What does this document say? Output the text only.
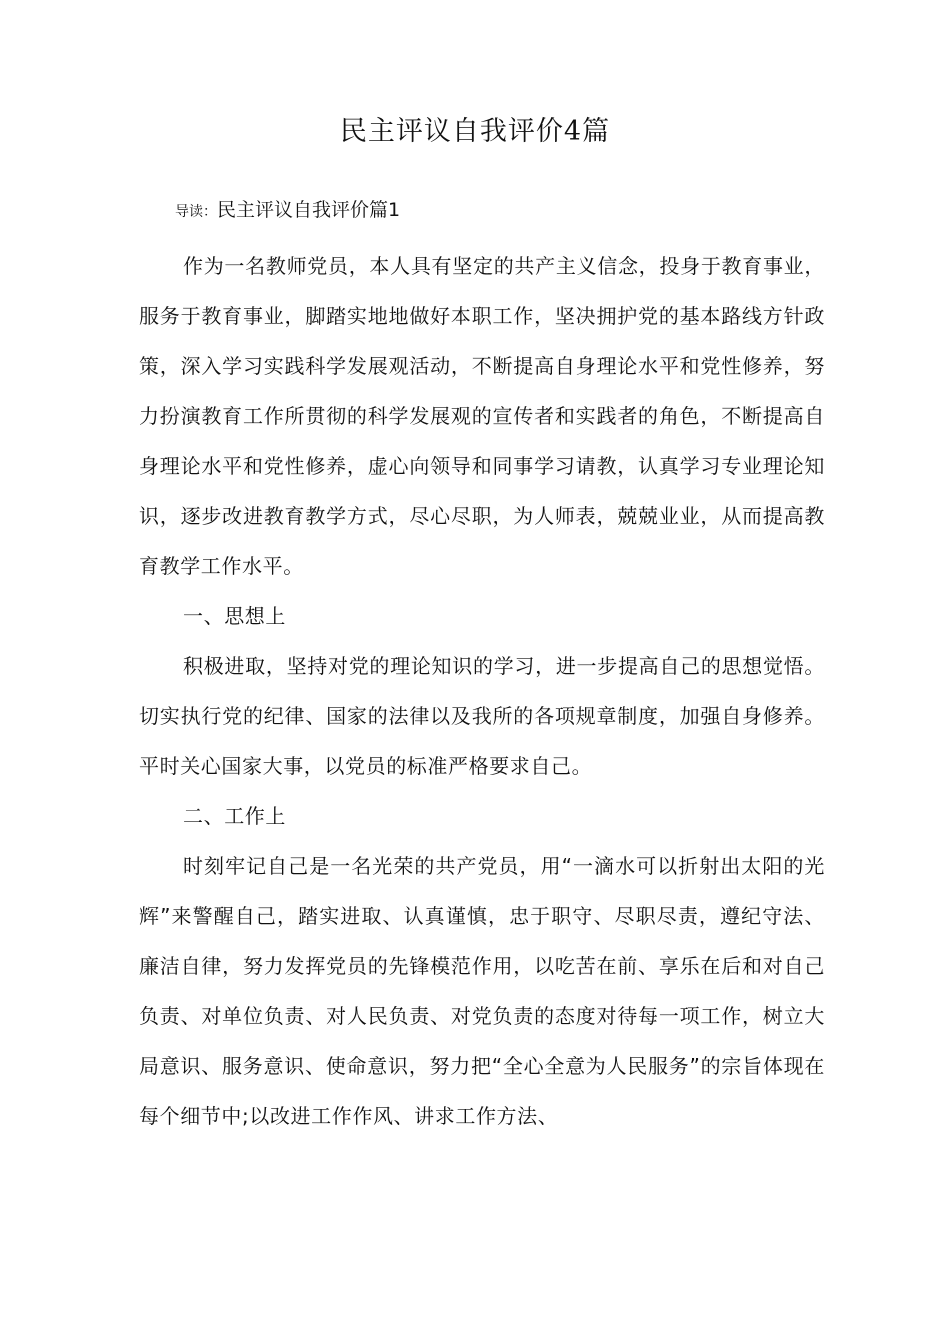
民主评议自我评价4篇
导读：民主评议自我评价篇1

作为一名教师党员，本人具有坚定的共产主义信念，投身于教育事业，服务于教育事业，脚踏实地地做好本职工作，坚决拥护党的基本路线方针政策，深入学习实践科学发展观活动，不断提高自身理论水平和党性修养，努力扮演教育工作所贯彻的科学发展观的宣传者和实践者的角色，不断提高自身理论水平和党性修养，虚心向领导和同事学习请教，认真学习专业理论知识，逐步改进教育教学方式，尽心尽职，为人师表，兢兢业业，从而提高教育教学工作水平。

一、思想上

积极进取，坚持对党的理论知识的学习，进一步提高自己的思想觉悟。切实执行党的纪律、国家的法律以及我所的各项规章制度，加强自身修养。平时关心国家大事，以党员的标准严格要求自己。

二、工作上

时刻牢记自己是一名光荣的共产党员，用“一滴水可以折射出太阳的光辉”来警醒自己，踏实进取、认真谨慎，忠于职守、尽职尽责，遵纪守法、廉洁自律，努力发挥党员的先锋模范作用，以吃苦在前、享乐在后和对自己负责、对单位负责、对人民负责、对党负责的态度对待每一项工作，树立大局意识、服务意识、使命意识，努力把“全心全意为人民服务”的宗旨体现在每个细节中;以改进工作作风、讲求工作方法、
